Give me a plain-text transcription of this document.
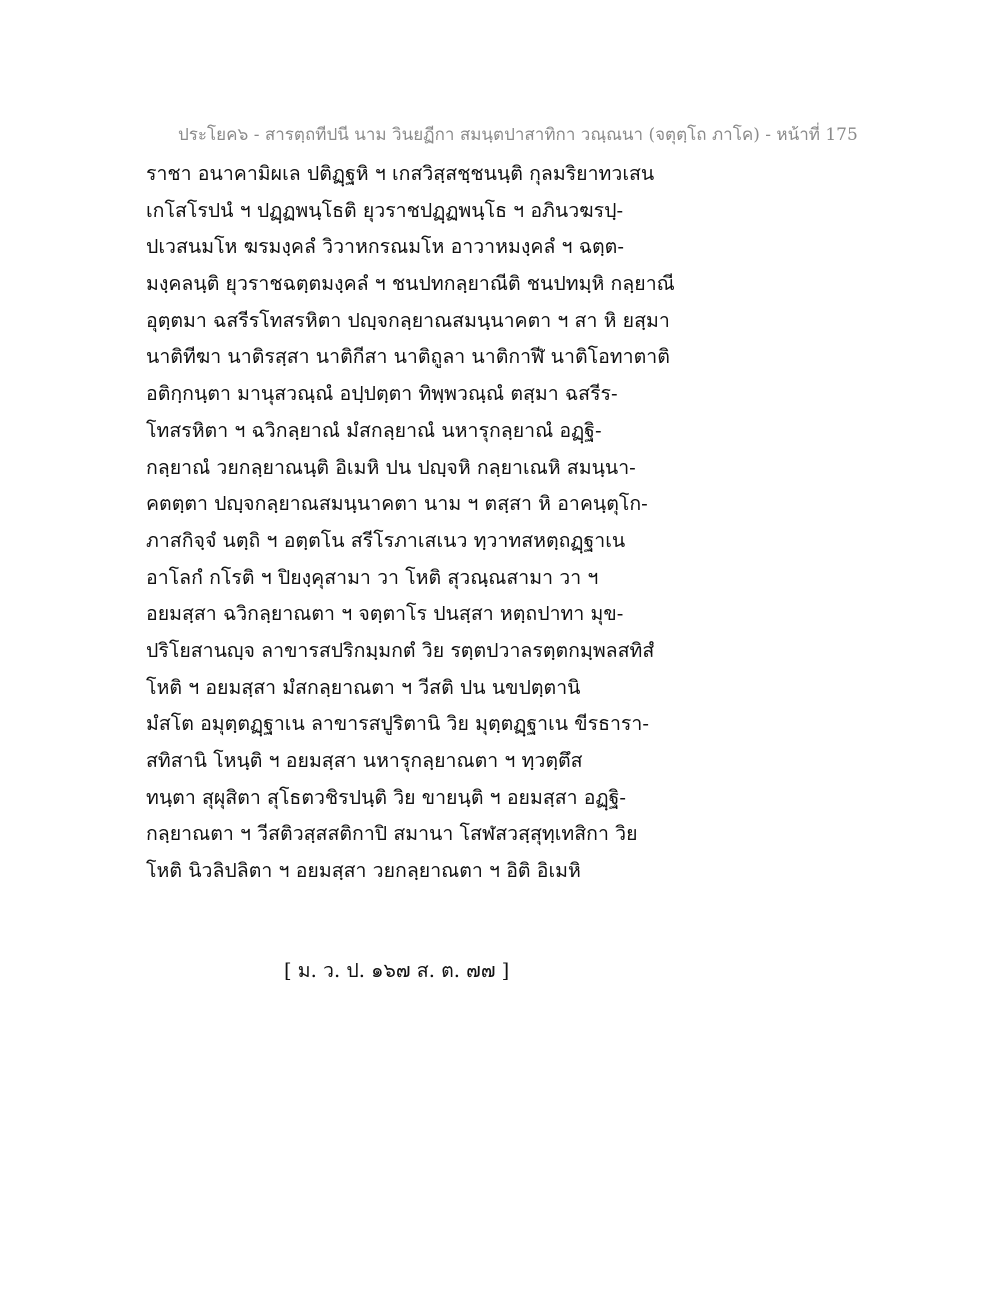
ประโยค๖ - สารตฺถทีปนี นาม วินยฏีกา สมนฺตปาสาทิกา วณฺณนา (จตุตฺโถ ภาโค) - หน้าที่ 175
ราชา อนาคามิผเล ปติฏฺฐหิ ฯ เกสวิสฺสชฺชนนฺติ กุลมริยาทวเสน
เกโสโรปนํ ฯ ปฏฺฏพนฺโธติ ยุวราชปฏฺฏพนฺโธ ฯ อภินวฆรปฺ-
ปเวสนมโห ฆรมงฺคลํ วิวาหกรณมโห อาวาหมงฺคลํ ฯ ฉตฺต-
มงฺคลนฺติ ยุวราชฉตฺตมงฺคลํ ฯ ชนปทกลฺยาณีติ ชนปทมฺหิ กลฺยาณี
อุตฺตมา ฉสรีรโทสรหิตา ปญฺจกลฺยาณสมนฺนาคตา ฯ สา หิ ยสฺมา
นาติทีฆา นาติรสฺสา นาติกีสา นาติถูลา นาติกาฬี นาติโอทาตาติ
อติกฺกนฺตา มานุสวณฺณํ อปฺปตฺตา ทิพฺพวณฺณํ ตสฺมา ฉสรีร-
โทสรหิตา ฯ ฉวิกลฺยาณํ มํสกลฺยาณํ นหารุกลฺยาณํ อฏฺฐิ-
กลฺยาณํ วยกลฺยาณนฺติ อิเมหิ ปน ปญฺจหิ กลฺยาเณหิ สมนฺนา-
คตตฺตา ปญฺจกลฺยาณสมนฺนาคตา นาม ฯ ตสฺสา หิ อาคนฺตุโก-
ภาสกิจฺจํ นตฺถิ ฯ อตฺตโน สรีโรภาเสเนว ทฺวาทสหตฺถฏฺฐาเน
อาโลกํ กโรติ ฯ ปิยงฺคุสามา วา โหติ สุวณฺณสามา วา ฯ
อยมสฺสา ฉวิกลฺยาณตา ฯ จตฺตาโร ปนสฺสา หตฺถปาทา มุข-
ปริโยสานญฺจ ลาขารสปริกมฺมกตํ วิย รตฺตปวาลรตฺตกมฺพลสทิสํ
โหติ ฯ อยมสฺสา มํสกลฺยาณตา ฯ วีสติ ปน นขปตฺตานิ
มํสโต อมุตฺตฏฺฐาเน ลาขารสปูริตานิ วิย มุตฺตฏฺฐาเน ขีรธารา-
สทิสานิ โหนฺติ ฯ อยมสฺสา นหารุกลฺยาณตา ฯ ทฺวตฺตึส
ทนฺตา สุผุสิตา สุโธตวชิรปนฺติ วิย ขายนฺติ ฯ อยมสฺสา อฏฺฐิ-
กลฺยาณตา ฯ วีสติวสฺสสติกาปิ สมานา โสฬสวสฺสุทฺเทสิกา วิย
โหติ นิวลิปลิตา ฯ อยมสฺสา วยกลฺยาณตา ฯ อิติ อิเมหิ
[ ม. ว. ป. ๑๖๗ ส. ต. ๗๗ ]
